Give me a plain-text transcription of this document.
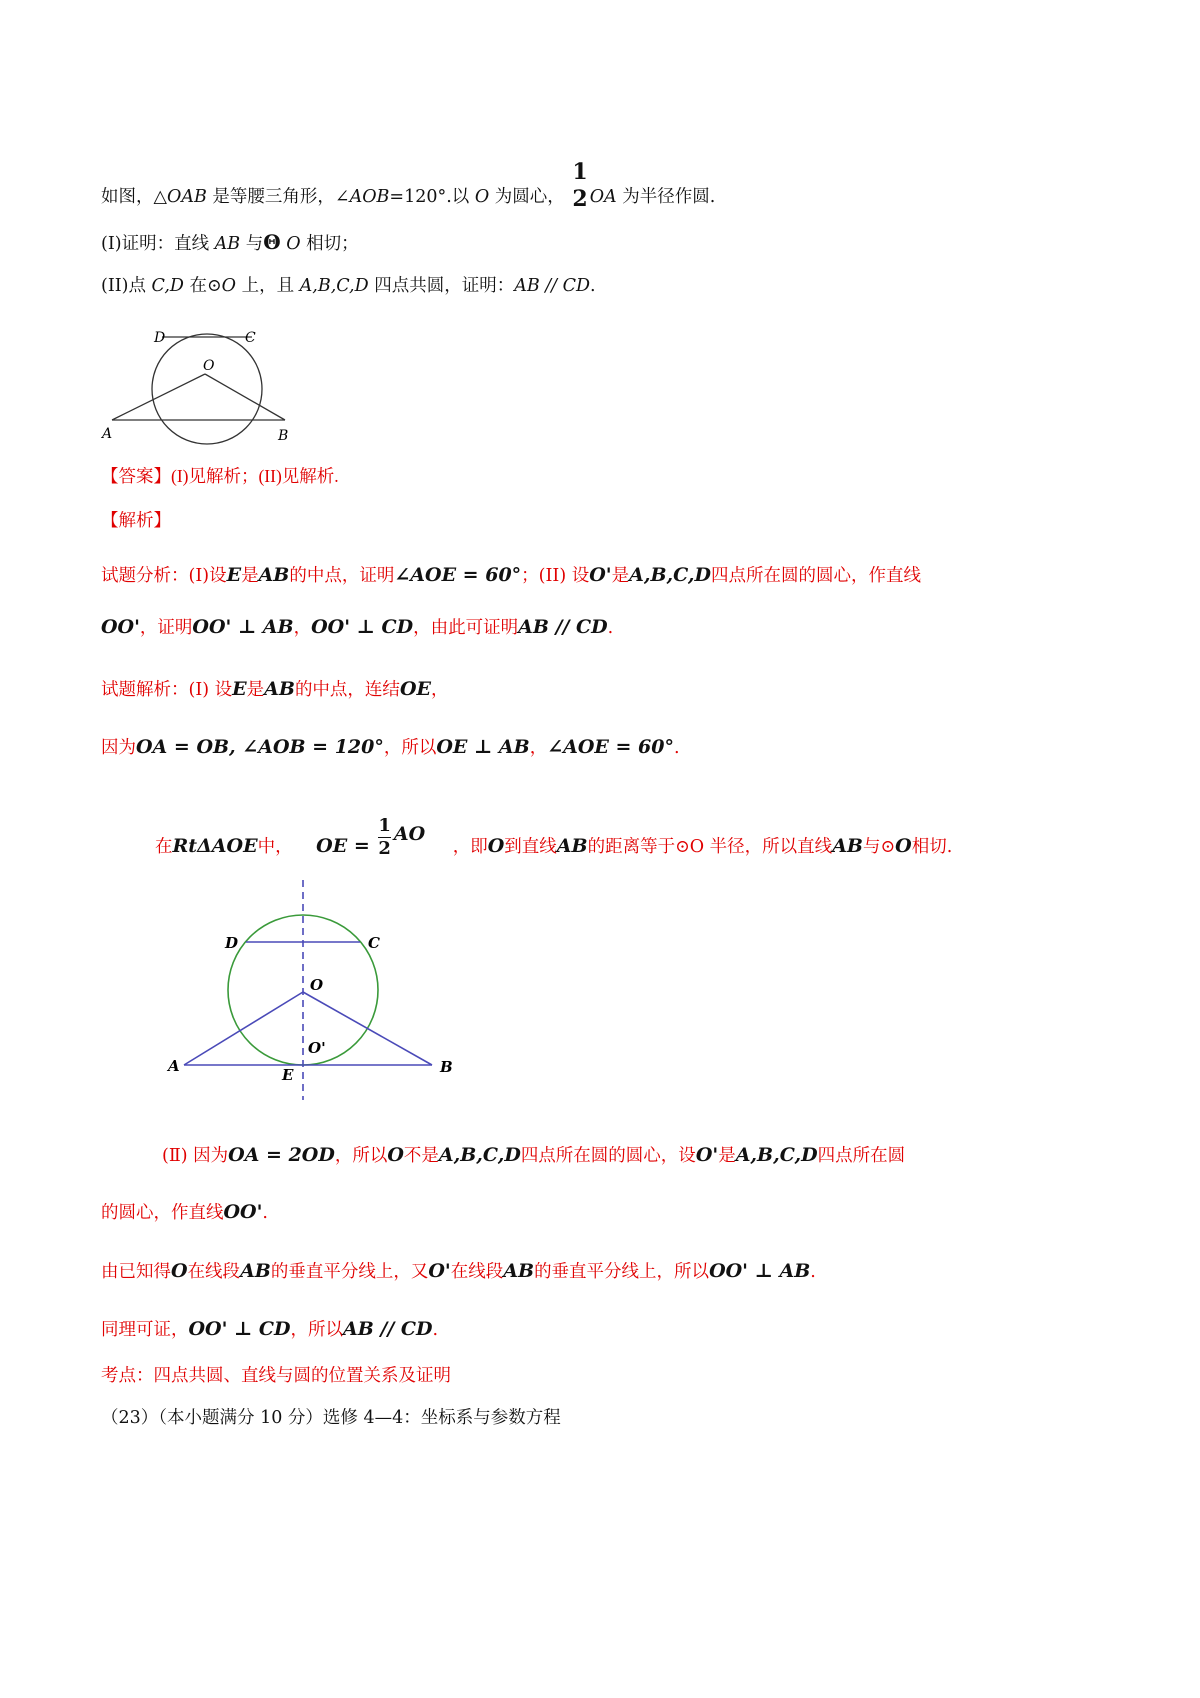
如图，△OAB 是等腰三角形，∠AOB=120°.以 O 为圆心，
1
2 OA 为半径作圆.
(I)证明：直线 AB 与Θ O 相切；
(II)点 C,D 在⊙O 上，且 A,B,C,D 四点共圆，证明：AB // CD.
D	C
O
A	B
【答案】(I)见解析；(II)见解析.
【解析】
试题分析：(I)设E是AB的中点，证明∠AOE = 60°；(II) 设O'是A,B,C,D四点所在圆的圆心，作直线
OO'，证明OO' ⊥ AB，OO' ⊥ CD，由此可证明AB // CD.
试题解析：(Ⅰ) 设E是AB的中点，连结OE，
因为OA = OB, ∠AOB = 120°，所以OE ⊥ AB，∠AOE = 60°.
在RtΔAOE中， OE = $\frac{1}{2}$ AO ，即O到直线AB的距离等于⊙O 半径，所以直线AB与⊙O相切.
D	C
O
O'
A	E	B
(Ⅱ) 因为OA = 2OD，所以O不是A,B,C,D四点所在圆的圆心，设O'是A,B,C,D四点所在圆
的圆心，作直线OO'.
由已知得O在线段AB的垂直平分线上，又O'在线段AB的垂直平分线上，所以OO' ⊥ AB.
同理可证，OO' ⊥ CD，所以AB // CD.
考点：四点共圆、直线与圆的位置关系及证明
（23）（本小题满分 10 分）选修 4—4：坐标系与参数方程
